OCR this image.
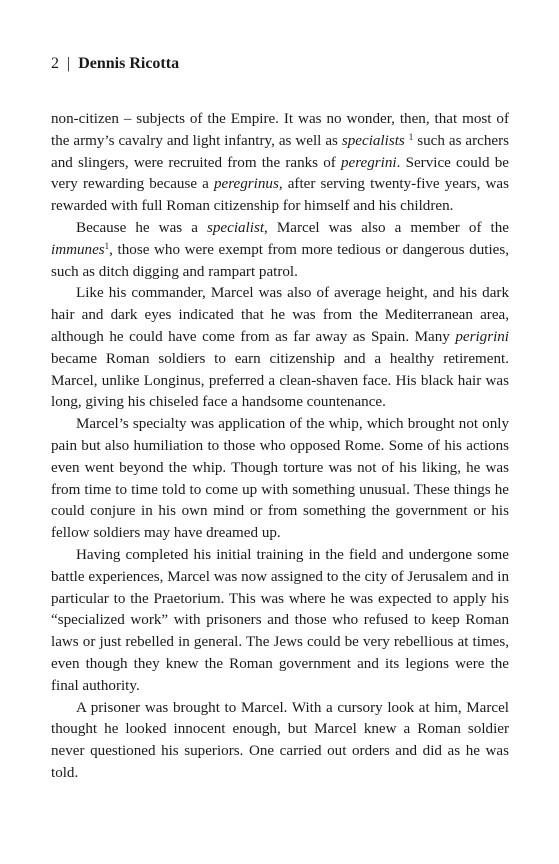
2 | Dennis Ricotta

non-citizen – subjects of the Empire. It was no wonder, then, that most of the army’s cavalry and light infantry, as well as specialists $^1$ such as archers and slingers, were recruited from the ranks of peregrini. Service could be very rewarding because a peregrinus, after serving twenty-five years, was rewarded with full Roman citizenship for himself and his children.

Because he was a specialist, Marcel was also a member of the immunes$^1$, those who were exempt from more tedious or dangerous duties, such as ditch digging and rampart patrol.

Like his commander, Marcel was also of average height, and his dark hair and dark eyes indicated that he was from the Mediterranean area, although he could have come from as far away as Spain. Many perigrini became Roman soldiers to earn citizenship and a healthy retirement. Marcel, unlike Longinus, preferred a clean-shaven face. His black hair was long, giving his chiseled face a handsome countenance.

Marcel’s specialty was application of the whip, which brought not only pain but also humiliation to those who opposed Rome. Some of his actions even went beyond the whip. Though torture was not of his liking, he was from time to time told to come up with something unusual. These things he could conjure in his own mind or from something the government or his fellow soldiers may have dreamed up.

Having completed his initial training in the field and undergone some battle experiences, Marcel was now assigned to the city of Jerusalem and in particular to the Praetorium. This was where he was expected to apply his “specialized work” with prisoners and those who refused to keep Roman laws or just rebelled in general. The Jews could be very rebellious at times, even though they knew the Roman government and its legions were the final authority.

A prisoner was brought to Marcel. With a cursory look at him, Marcel thought he looked innocent enough, but Marcel knew a Roman soldier never questioned his superiors. One carried out orders and did as he was told.
